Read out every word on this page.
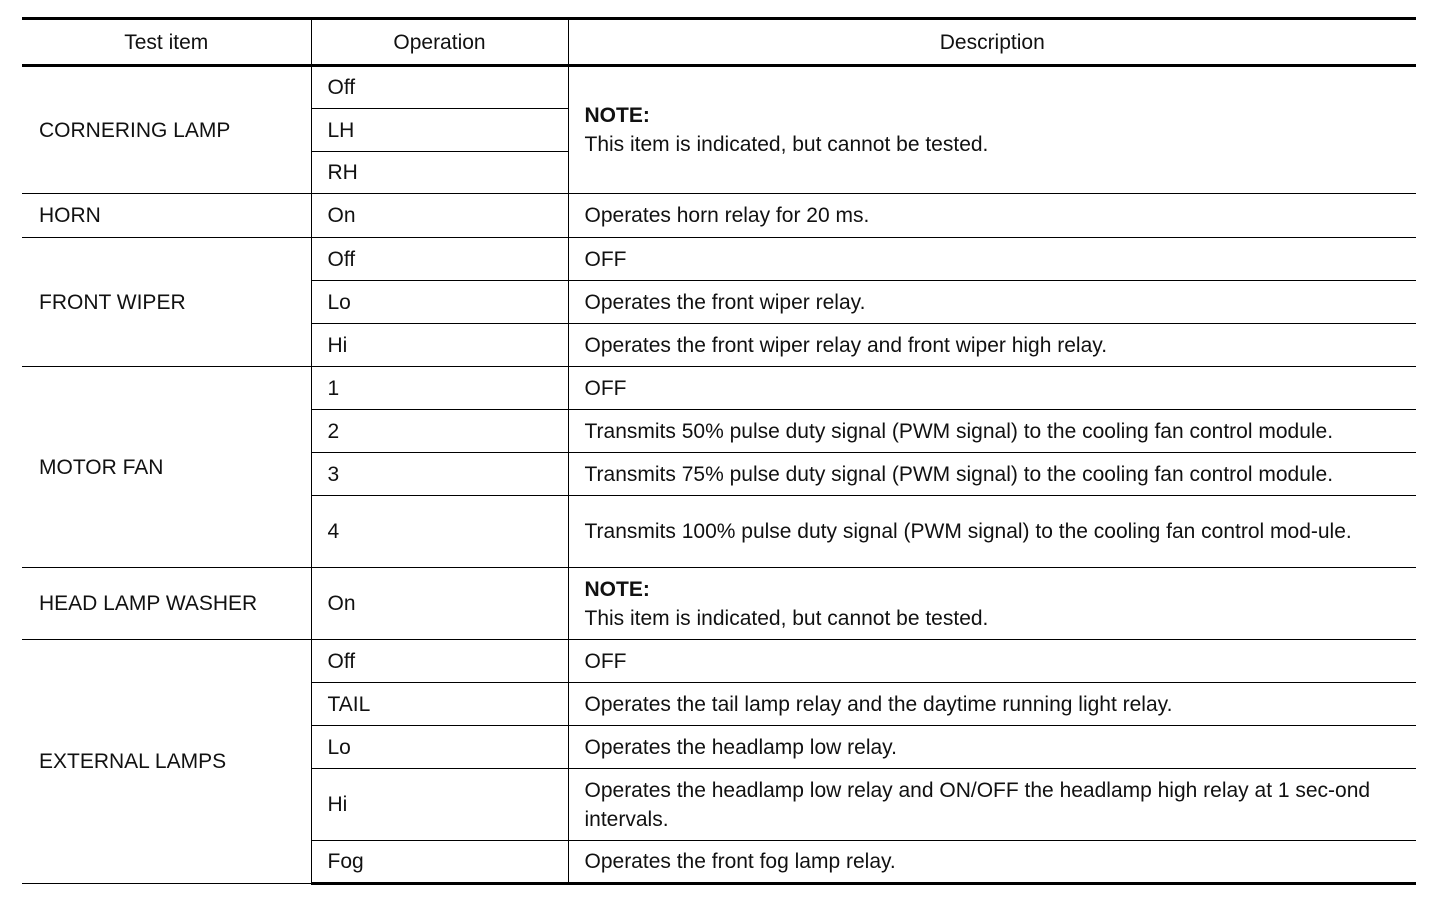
Test item	Operation	Description
CORNERING LAMP	Off	NOTE:
This item is indicated, but cannot be tested.

	LH	
	RH	
HORN	On	Operates horn relay for 20 ms.
FRONT WIPER	Off	OFF
	Lo	Operates the front wiper relay.
	Hi	Operates the front wiper relay and front wiper high relay.
MOTOR FAN	1	OFF
	2	Transmits 50% pulse duty signal (PWM signal) to the cooling fan control module.
	3	Transmits 75% pulse duty signal (PWM signal) to the cooling fan control module.
	4	Transmits 100% pulse duty signal (PWM signal) to the cooling fan control mod-ule.
HEAD LAMP WASHER	On	NOTE:
This item is indicated, but cannot be tested.

EXTERNAL LAMPS	Off	OFF
	TAIL	Operates the tail lamp relay and the daytime running light relay.
	Lo	Operates the headlamp low relay.
	Hi	Operates the headlamp low relay and ON/OFF the headlamp high relay at 1 sec-ond intervals.
	Fog	Operates the front fog lamp relay.
